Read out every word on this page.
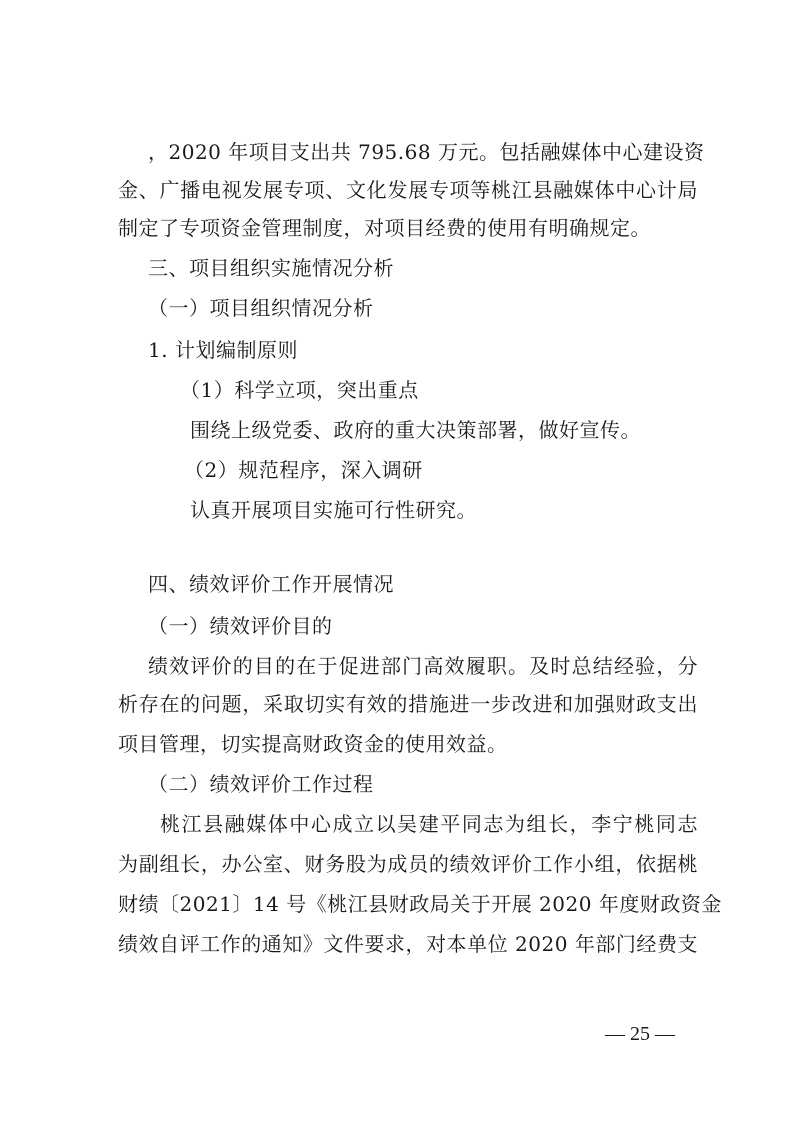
，2020 年项目支出共 795.68 万元。包括融媒体中心建设资
金、广播电视发展专项、文化发展专项等桃江县融媒体中心计局
制定了专项资金管理制度，对项目经费的使用有明确规定。
三、项目组织实施情况分析
（一）项目组织情况分析
1. 计划编制原则
（1）科学立项，突出重点
围绕上级党委、政府的重大决策部署，做好宣传。
（2）规范程序，深入调研
认真开展项目实施可行性研究。
四、绩效评价工作开展情况
（一）绩效评价目的
绩效评价的目的在于促进部门高效履职。及时总结经验，分
析存在的问题，采取切实有效的措施进一步改进和加强财政支出
项目管理，切实提高财政资金的使用效益。
（二）绩效评价工作过程
桃江县融媒体中心成立以吴建平同志为组长，李宁桃同志
为副组长，办公室、财务股为成员的绩效评价工作小组，依据桃
财绩〔2021〕14 号《桃江县财政局关于开展 2020 年度财政资金
绩效自评工作的通知》文件要求，对本单位 2020 年部门经费支
— 25 —
